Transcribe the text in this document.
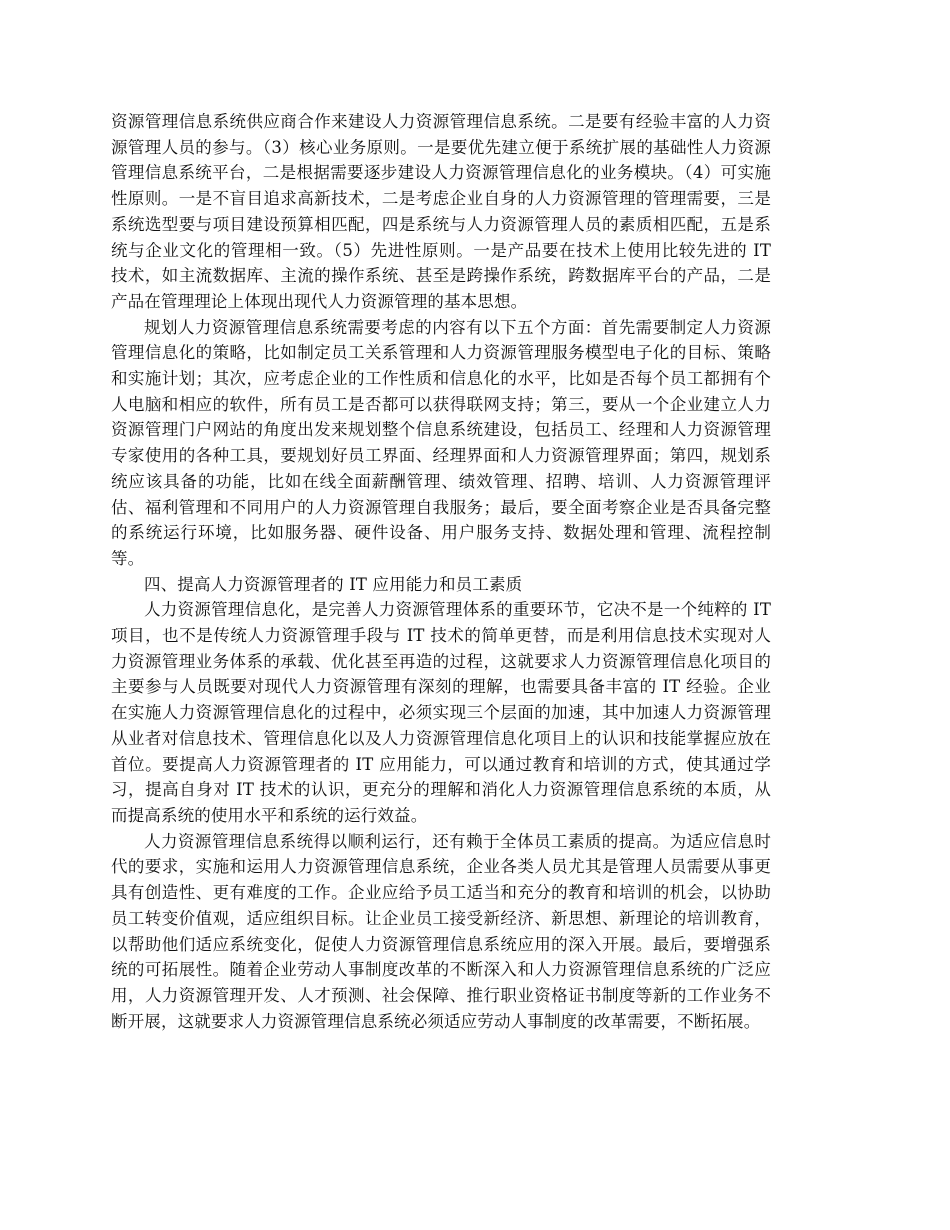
资源管理信息系统供应商合作来建设人力资源管理信息系统。二是要有经验丰富的人力资源管理人员的参与。（3）核心业务原则。一是要优先建立便于系统扩展的基础性人力资源管理信息系统平台，二是根据需要逐步建设人力资源管理信息化的业务模块。（4）可实施性原则。一是不盲目追求高新技术，二是考虑企业自身的人力资源管理的管理需要，三是系统选型要与项目建设预算相匹配，四是系统与人力资源管理人员的素质相匹配，五是系统与企业文化的管理相一致。（5）先进性原则。一是产品要在技术上使用比较先进的 IT 技术，如主流数据库、主流的操作系统、甚至是跨操作系统，跨数据库平台的产品，二是产品在管理理论上体现出现代人力资源管理的基本思想。

规划人力资源管理信息系统需要考虑的内容有以下五个方面：首先需要制定人力资源管理信息化的策略，比如制定员工关系管理和人力资源管理服务模型电子化的目标、策略和实施计划；其次，应考虑企业的工作性质和信息化的水平，比如是否每个员工都拥有个人电脑和相应的软件，所有员工是否都可以获得联网支持；第三，要从一个企业建立人力资源管理门户网站的角度出发来规划整个信息系统建设，包括员工、经理和人力资源管理专家使用的各种工具，要规划好员工界面、经理界面和人力资源管理界面；第四，规划系统应该具备的功能，比如在线全面薪酬管理、绩效管理、招聘、培训、人力资源管理评估、福利管理和不同用户的人力资源管理自我服务；最后，要全面考察企业是否具备完整的系统运行环境，比如服务器、硬件设备、用户服务支持、数据处理和管理、流程控制等。

四、提高人力资源管理者的 IT 应用能力和员工素质

人力资源管理信息化，是完善人力资源管理体系的重要环节，它决不是一个纯粹的 IT 项目，也不是传统人力资源管理手段与 IT 技术的简单更替，而是利用信息技术实现对人力资源管理业务体系的承载、优化甚至再造的过程，这就要求人力资源管理信息化项目的主要参与人员既要对现代人力资源管理有深刻的理解，也需要具备丰富的 IT 经验。企业在实施人力资源管理信息化的过程中，必须实现三个层面的加速，其中加速人力资源管理从业者对信息技术、管理信息化以及人力资源管理信息化项目上的认识和技能掌握应放在首位。要提高人力资源管理者的 IT 应用能力，可以通过教育和培训的方式，使其通过学习，提高自身对 IT 技术的认识，更充分的理解和消化人力资源管理信息系统的本质，从而提高系统的使用水平和系统的运行效益。

人力资源管理信息系统得以顺利运行，还有赖于全体员工素质的提高。为适应信息时代的要求，实施和运用人力资源管理信息系统，企业各类人员尤其是管理人员需要从事更具有创造性、更有难度的工作。企业应给予员工适当和充分的教育和培训的机会，以协助员工转变价值观，适应组织目标。让企业员工接受新经济、新思想、新理论的培训教育，以帮助他们适应系统变化，促使人力资源管理信息系统应用的深入开展。最后，要增强系统的可拓展性。随着企业劳动人事制度改革的不断深入和人力资源管理信息系统的广泛应用，人力资源管理开发、人才预测、社会保障、推行职业资格证书制度等新的工作业务不断开展，这就要求人力资源管理信息系统必须适应劳动人事制度的改革需要，不断拓展。
